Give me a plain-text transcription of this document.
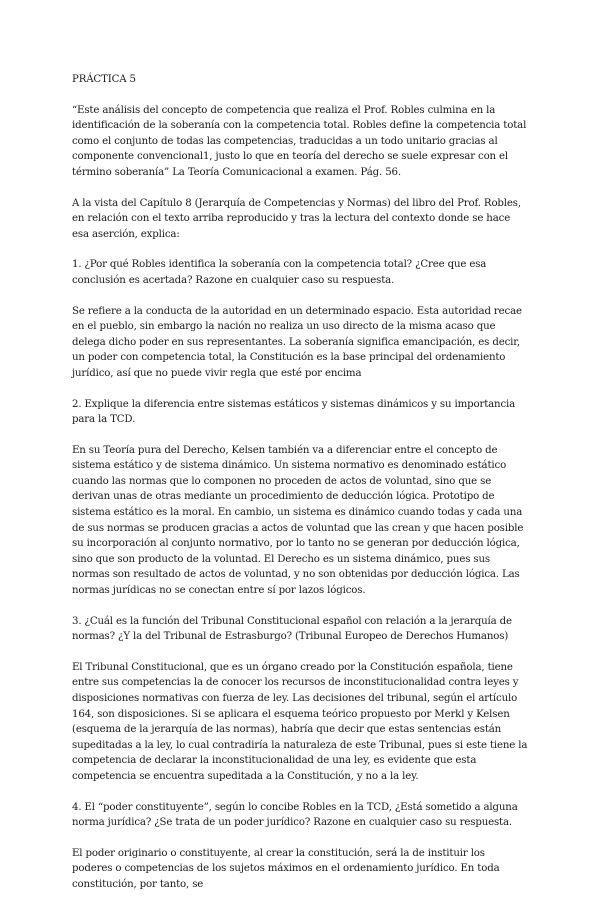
PRÁCTICA 5

“Este análisis del concepto de competencia que realiza el Prof. Robles culmina en la identificación de la soberanía con la competencia total. Robles define la competencia total como el conjunto de todas las competencias, traducidas a un todo unitario gracias al componente convencional1, justo lo que en teoría del derecho se suele expresar con el término soberanía” La Teoría Comunicacional a examen. Pág. 56.

A la vista del Capítulo 8 (Jerarquía de Competencias y Normas) del libro del Prof. Robles, en relación con el texto arriba reproducido y tras la lectura del contexto donde se hace esa aserción, explica:

1. ¿Por qué Robles identifica la soberanía con la competencia total? ¿Cree que esa conclusión es acertada? Razone en cualquier caso su respuesta.

Se refiere a la conducta de la autoridad en un determinado espacio. Esta autoridad recae en el pueblo, sin embargo la nación no realiza un uso directo de la misma acaso que delega dicho poder en sus representantes. La soberanía significa emancipación, es decir, un poder con competencia total, la Constitución es la base principal del ordenamiento jurídico, así que no puede vivir regla que esté por encima

2. Explique la diferencia entre sistemas estáticos y sistemas dinámicos y su importancia para la TCD.

En su Teoría pura del Derecho, Kelsen también va a diferenciar entre el concepto de sistema estático y de sistema dinámico. Un sistema normativo es denominado estático cuando las normas que lo componen no proceden de actos de voluntad, sino que se derivan unas de otras mediante un procedimiento de deducción lógica. Prototipo de sistema estático es la moral. En cambio, un sistema es dinámico cuando todas y cada una de sus normas se producen gracias a actos de voluntad que las crean y que hacen posible su incorporación al conjunto normativo, por lo tanto no se generan por deducción lógica, sino que son producto de la voluntad. El Derecho es un sistema dinámico, pues sus normas son resultado de actos de voluntad, y no son obtenidas por deducción lógica. Las normas jurídicas no se conectan entre sí por lazos lógicos.

3. ¿Cuál es la función del Tribunal Constitucional español con relación a la jerarquía de normas? ¿Y la del Tribunal de Estrasburgo? (Tribunal Europeo de Derechos Humanos)

El Tribunal Constitucional, que es un órgano creado por la Constitución española, tiene entre sus competencias la de conocer los recursos de inconstitucionalidad contra leyes y disposiciones normativas con fuerza de ley. Las decisiones del tribunal, según el artículo 164, son disposiciones. Si se aplicara el esquema teórico propuesto por Merkl y Kelsen (esquema de la jerarquía de las normas), habría que decir que estas sentencias están supeditadas a la ley, lo cual contradiría la naturaleza de este Tribunal, pues si este tiene la competencia de declarar la inconstitucionalidad de una ley, es evidente que esta competencia se encuentra supeditada a la Constitución, y no a la ley.

4. El “poder constituyente”, según lo concibe Robles en la TCD, ¿Está sometido a alguna norma jurídica? ¿Se trata de un poder jurídico? Razone en cualquier caso su respuesta.

El poder originario o constituyente, al crear la constitución, será la de instituir los poderes o competencias de los sujetos máximos en el ordenamiento jurídico. En toda constitución, por tanto, se
